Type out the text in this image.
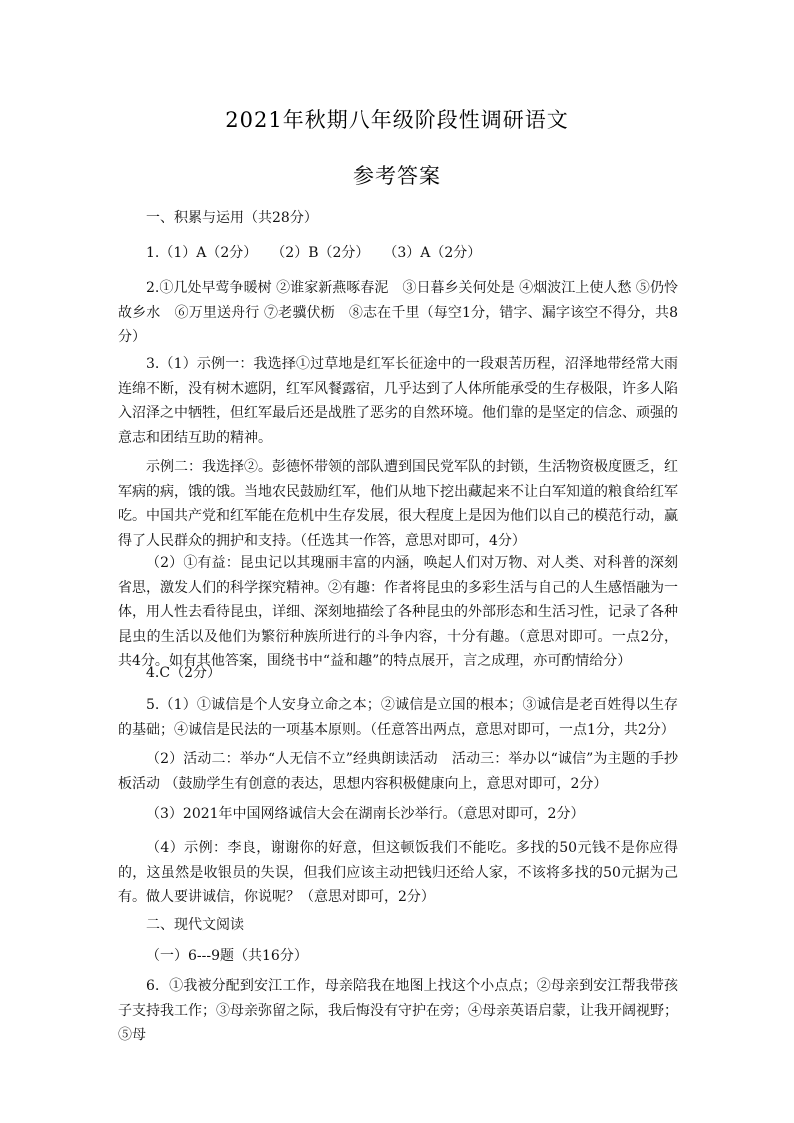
2021年秋期八年级阶段性调研语文
参考答案
一、积累与运用（共28分）
1.（1）A（2分）　　（2）B（2分）　　（3）A（2分）
2.①几处早莺争暖树 ②谁家新燕啄春泥　③日暮乡关何处是 ④烟波江上使人愁 ⑤仍怜故乡水　⑥万里送舟行 ⑦老骥伏枥　⑧志在千里（每空1分，错字、漏字该空不得分，共8分）
3.（1）示例一：我选择①过草地是红军长征途中的一段艰苦历程，沼泽地带经常大雨连绵不断，没有树木遮阴，红军风餐露宿，几乎达到了人体所能承受的生存极限，许多人陷入沼泽之中牺牲，但红军最后还是战胜了恶劣的自然环境。他们靠的是坚定的信念、顽强的意志和团结互助的精神。
示例二：我选择②。彭德怀带领的部队遭到国民党军队的封锁，生活物资极度匮乏，红军病的病，饿的饿。当地农民鼓励红军，他们从地下挖出藏起来不让白军知道的粮食给红军吃。中国共产党和红军能在危机中生存发展，很大程度上是因为他们以自己的模范行动，赢得了人民群众的拥护和支持。（任选其一作答，意思对即可，4分）
（2）①有益：昆虫记以其瑰丽丰富的内涵，唤起人们对万物、对人类、对科普的深刻省思，激发人们的科学探究精神。②有趣：作者将昆虫的多彩生活与自己的人生感悟融为一体，用人性去看待昆虫，详细、深刻地描绘了各种昆虫的外部形态和生活习性，记录了各种昆虫的生活以及他们为繁衍种族所进行的斗争内容，十分有趣。（意思对即可。一点2分，共4分。如有其他答案，围绕书中“益和趣”的特点展开，言之成理，亦可酌情给分）
4.C（2分）
5.（1）①诚信是个人安身立命之本；②诚信是立国的根本；③诚信是老百姓得以生存的基础；④诚信是民法的一项基本原则。（任意答出两点，意思对即可，一点1分，共2分）
（2）活动二：举办“人无信不立”经典朗读活动　活动三：举办以“诚信”为主题的手抄板活动 （鼓励学生有创意的表达，思想内容积极健康向上，意思对即可，2分）
（3）2021年中国网络诚信大会在湖南长沙举行。（意思对即可，2分）
（4）示例：李良，谢谢你的好意，但这顿饭我们不能吃。多找的50元钱不是你应得的，这虽然是收银员的失误，但我们应该主动把钱归还给人家，不该将多找的50元据为己有。做人要讲诚信，你说呢？（意思对即可，2分）
二、现代文阅读
（一）6---9题（共16分）
6．①我被分配到安江工作，母亲陪我在地图上找这个小点点；②母亲到安江帮我带孩子支持我工作；③母亲弥留之际，我后悔没有守护在旁；④母亲英语启蒙，让我开阔视野；⑤母
